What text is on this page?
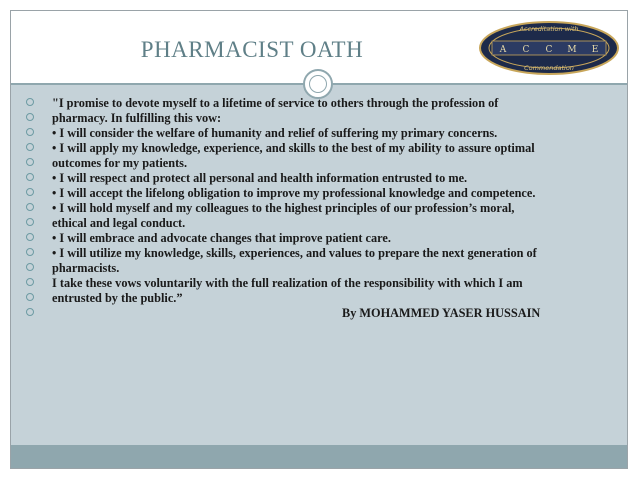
PHARMACIST OATH
Accreditation with
A C C M E
Commendation
"I promise to devote myself to a lifetime of service to others through the profession of
pharmacy. In fulfilling this vow:
• I will consider the welfare of humanity and relief of suffering my primary concerns.
• I will apply my knowledge, experience, and skills to the best of my ability to assure optimal
outcomes for my patients.
• I will respect and protect all personal and health information entrusted to me.
• I will accept the lifelong obligation to improve my professional knowledge and competence.
• I will hold myself and my colleagues to the highest principles of our profession’s moral,
ethical and legal conduct.
• I will embrace and advocate changes that improve patient care.
• I will utilize my knowledge, skills, experiences, and values to prepare the next generation of
pharmacists.
I take these vows voluntarily with the full realization of the responsibility with which I am
entrusted by the public.”
By MOHAMMED YASER HUSSAIN
